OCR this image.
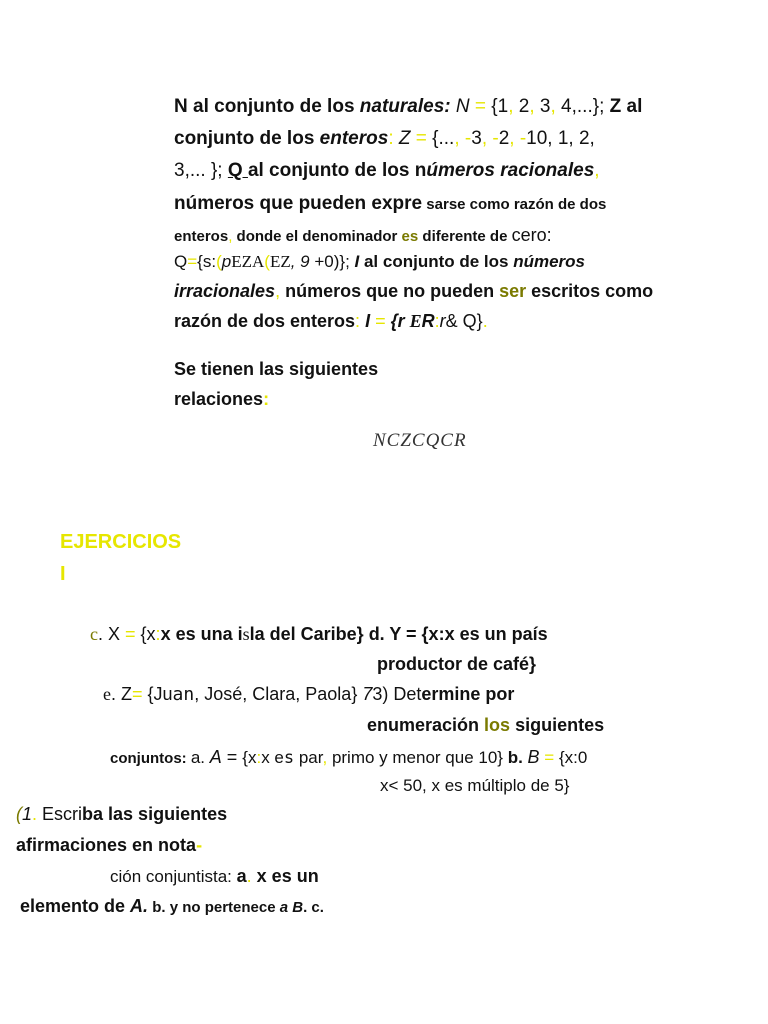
N al conjunto de los naturales: N = {1, 2, 3, 4,...}; Z al
conjunto de los enteros: Z = {..., -3, -2, -10, 1, 2,
3,... }; Q al conjunto de los números racionales,
números que pueden expre sarse como razón de dos
enteros, donde el denominador es diferente de cero:
Q={s:(pEZA(EZ, 9 +0)}; I al conjunto de los números
irracionales, números que no pueden ser escritos como
razón de dos enteros: I = {r ER:r& Q}.
Se tienen las siguientes
relaciones:
NCZCQCR
EJERCICIOS
I
c. X = {x:x es una isla del Caribe} d. Y = {x:x es un país
productor de café}
e. Z= {Juan, José, Clara, Paola} 73) Determine por
enumeración los siguientes
conjuntos: a. A = {x:x es par, primo y menor que 10} b. B = {x:0
x< 50, x es múltiplo de 5}
(1. Escriba las siguientes
afirmaciones en nota-
ción conjuntista: a. x es un
elemento de A. b. y no pertenece a B. c.
